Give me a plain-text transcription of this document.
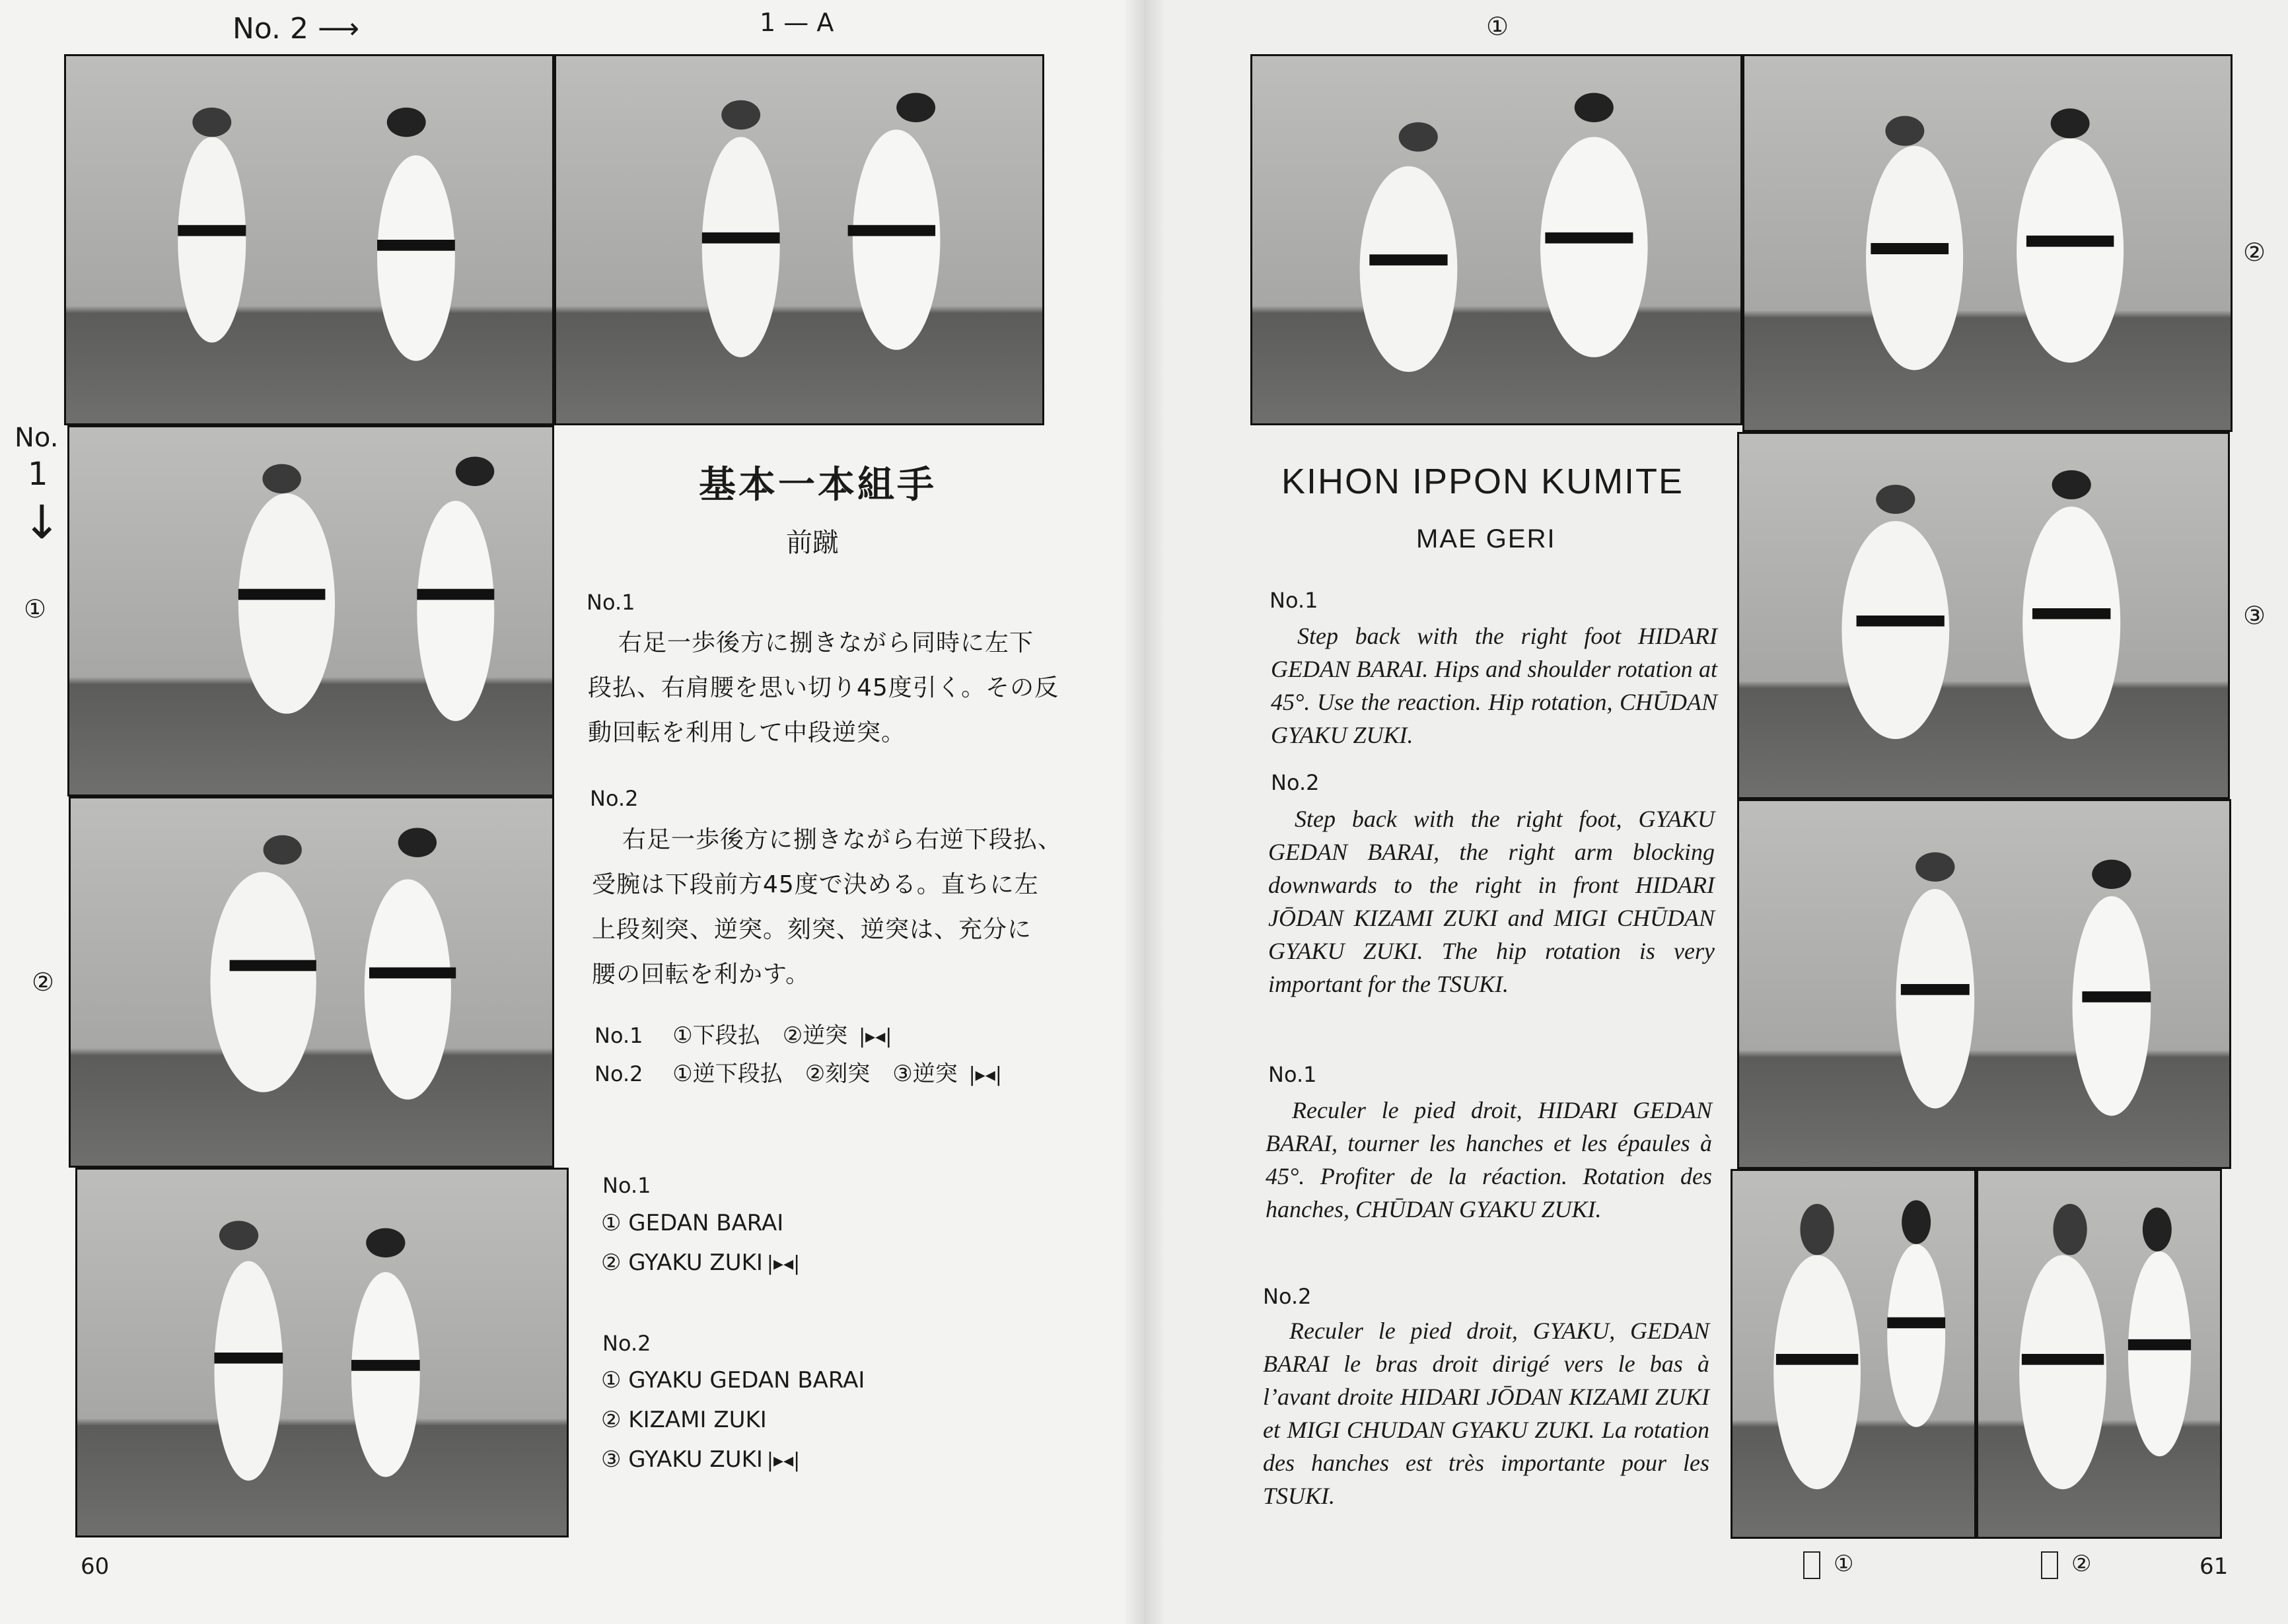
No. 2 ⟶	1 — A
No.
1
↓
①
②
基本一本組手
前蹴
No.1
右足一歩後方に捌きながら同時に左下
段払、右肩腰を思い切り45度引く。その反
動回転を利用して中段逆突。
No.2
右足一歩後方に捌きながら右逆下段払、
受腕は下段前方45度で決める。直ちに左
上段刻突、逆突。刻突、逆突は、充分に
腰の回転を利かす。
No.1 ①下段払　②逆突 |▸◂|
No.2 ①逆下段払　②刻突　③逆突 |▸◂|
No.1
① GEDAN BARAI
② GYAKU ZUKI |▸◂|
No.2
① GYAKU GEDAN BARAI
② KIZAMI ZUKI
③ GYAKU ZUKI |▸◂|
60
①
②
③
KIHON IPPON KUMITE
MAE GERI
No.1
Step back with the right foot HIDARI GEDAN BARAI. Hips and shoulder rotation at 45°. Use the reaction. Hip rotation, CHŪDAN GYAKU ZUKI.
No.2
Step back with the right foot, GYAKU GEDAN BARAI, the right arm blocking downwards to the right in front HIDARI JŌDAN KIZAMI ZUKI and MIGI CHŪDAN GYAKU ZUKI. The hip rotation is very important for the TSUKI.
No.1
Reculer le pied droit, HIDARI GEDAN BARAI, tourner les hanches et les épaules à 45°. Profiter de la réaction. Rotation des hanches, CHŪDAN GYAKU ZUKI.
No.2
Reculer le pied droit, GYAKU, GEDAN BARAI le bras droit dirigé vers le bas à l’avant droite HIDARI JŌDAN KIZAMI ZUKI et MIGI CHUDAN GYAKU ZUKI. La rotation des hanches est très importante pour les TSUKI.
①	②	61
